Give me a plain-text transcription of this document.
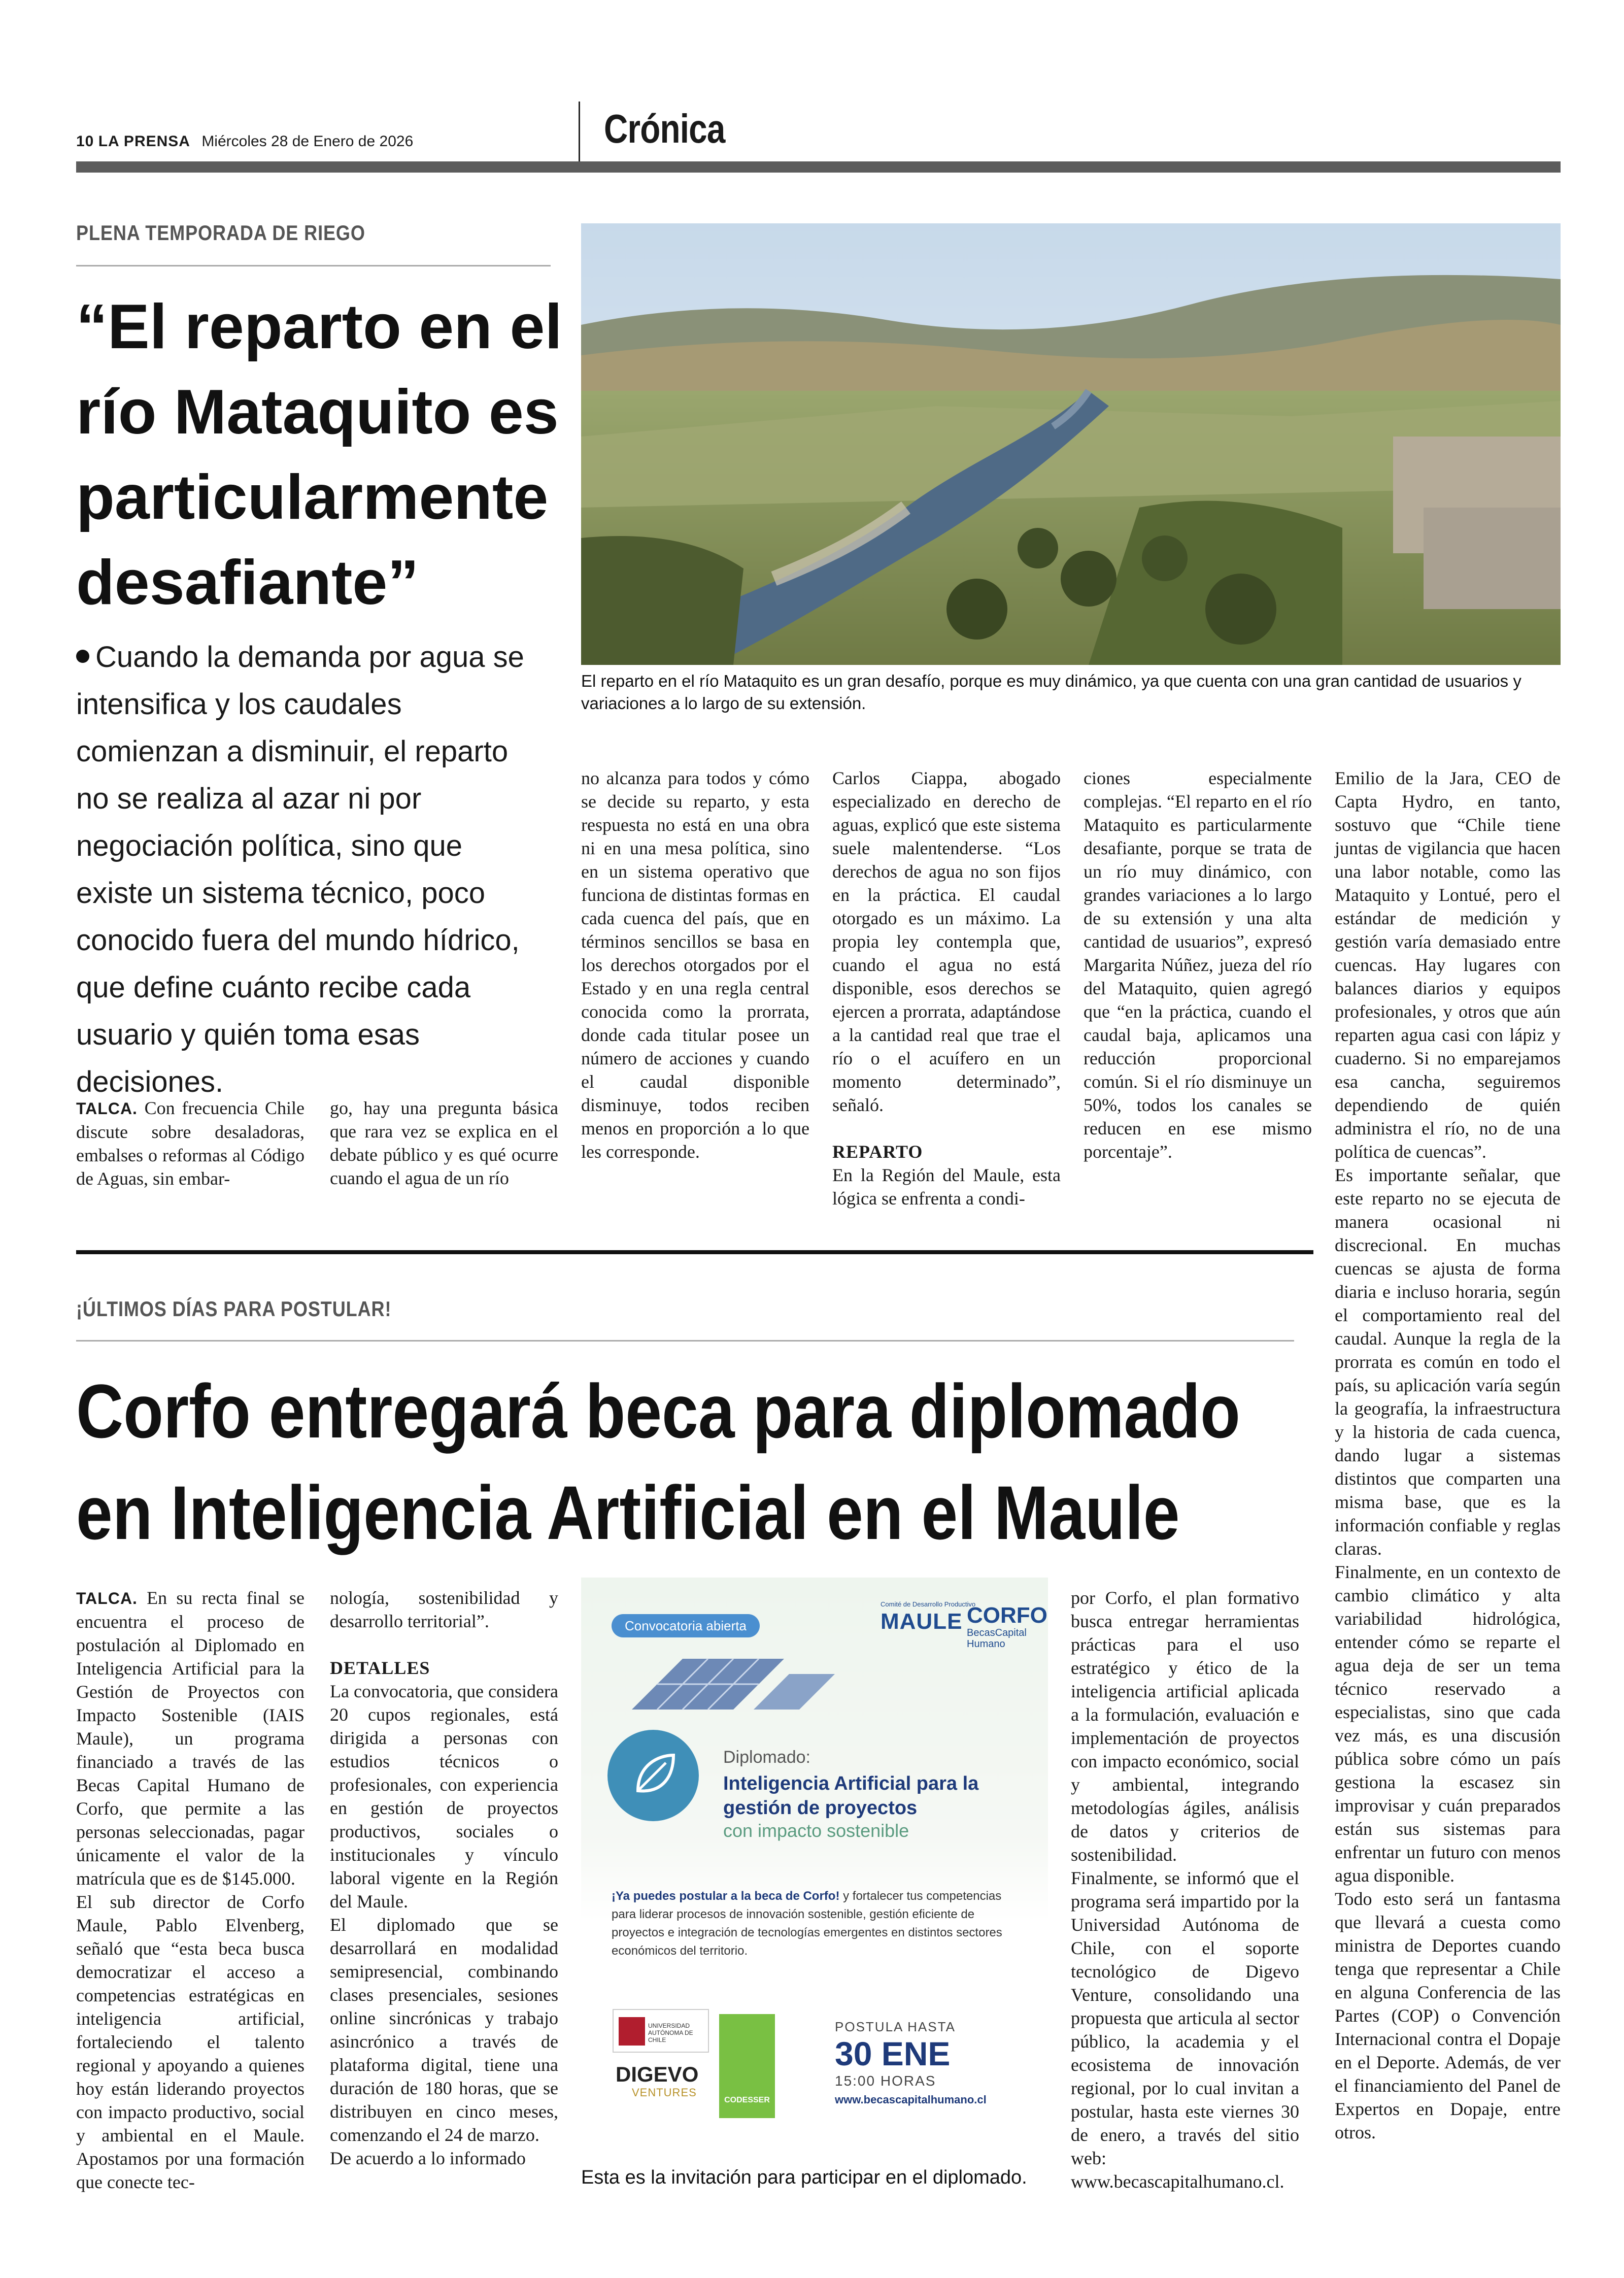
10 LA PRENSA Miércoles 28 de Enero de 2026	Crónica
PLENA TEMPORADA DE RIEGO
“El reparto en el río Mataquito es particularmente desafiante”
Cuando la demanda por agua se intensifica y los caudales comienzan a disminuir, el reparto no se realiza al azar ni por negociación política, sino que existe un sistema técnico, poco conocido fuera del mundo hídrico, que define cuánto recibe cada usuario y quién toma esas decisiones.
El reparto en el río Mataquito es un gran desafío, porque es muy dinámico, ya que cuenta con una gran cantidad de usuarios y variaciones a lo largo de su extensión.

TALCA. Con frecuencia Chile discute sobre desaladoras, embalses o reformas al Código de Aguas, sin embar-

go, hay una pregunta básica que rara vez se explica en el debate público y es qué ocurre cuando el agua de un río

no alcanza para todos y cómo se decide su reparto, y esta respuesta no está en una obra ni en una mesa política, sino en un sistema operativo que funciona de distintas formas en cada cuenca del país, que en términos sencillos se basa en los derechos otorgados por el Estado y en una regla central conocida como la prorrata, donde cada titular posee un número de acciones y cuando el caudal disponible disminuye, todos reciben menos en proporción a lo que les corresponde.

Carlos Ciappa, abogado especializado en derecho de aguas, explicó que este sistema suele malentenderse. “Los derechos de agua no son fijos en la práctica. El caudal otorgado es un máximo. La propia ley contempla que, cuando el agua no está disponible, esos derechos se ejercen a prorrata, adaptándose a la cantidad real que trae el río o el acuífero en un momento determinado”, señaló.

REPARTO

En la Región del Maule, esta lógica se enfrenta a condi-

ciones especialmente complejas. “El reparto en el río Mataquito es particularmente desafiante, porque se trata de un río muy dinámico, con grandes variaciones a lo largo de su extensión y una alta cantidad de usuarios”, expresó Margarita Núñez, jueza del río del Mataquito, quien agregó que “en la práctica, cuando el caudal baja, aplicamos una reducción proporcional común. Si el río disminuye un 50%, todos los canales se reducen en ese mismo porcentaje”.

Emilio de la Jara, CEO de Capta Hydro, en tanto, sostuvo que “Chile tiene juntas de vigilancia que hacen una labor notable, como las Mataquito y Lontué, pero el estándar de medición y gestión varía demasiado entre cuencas. Hay lugares con balances diarios y equipos profesionales, y otros que aún reparten agua casi con lápiz y cuaderno. Si no emparejamos esa cancha, seguiremos dependiendo de quién administra el río, no de una política de cuencas”.

Es importante señalar, que este reparto no se ejecuta de manera ocasional ni discrecional. En muchas cuencas se ajusta de forma diaria e incluso horaria, según el comportamiento real del caudal. Aunque la regla de la prorrata es común en todo el país, su aplicación varía según la geografía, la infraestructura y la historia de cada cuenca, dando lugar a sistemas distintos que comparten una misma base, que es la información confiable y reglas claras.

Finalmente, en un contexto de cambio climático y alta variabilidad hidrológica, entender cómo se reparte el agua deja de ser un tema técnico reservado a especialistas, sino que cada vez más, es una discusión pública sobre cómo un país gestiona la escasez sin improvisar y cuán preparados están sus sistemas para enfrentar un futuro con menos agua disponible.

Todo esto será un fantasma que llevará a cuesta como ministra de Deportes cuando tenga que representar a Chile en alguna Conferencia de las Partes (COP) o Convención Internacional contra el Dopaje en el Deporte. Además, de ver el financiamiento del Panel de Expertos en Dopaje, entre otros.

¡ÚLTIMOS DÍAS PARA POSTULAR!
Corfo entregará beca para diplomado
en Inteligencia Artificial en el Maule

TALCA. En su recta final se encuentra el proceso de postulación al Diplomado en Inteligencia Artificial para la Gestión de Proyectos con Impacto Sostenible (IAIS Maule), un programa financiado a través de las Becas Capital Humano de Corfo, que permite a las personas seleccionadas, pagar únicamente el valor de la matrícula que es de $145.000.

El sub director de Corfo Maule, Pablo Elvenberg, señaló que “esta beca busca democratizar el acceso a competencias estratégicas en inteligencia artificial, fortaleciendo el talento regional y apoyando a quienes hoy están liderando proyectos con impacto productivo, social y ambiental en el Maule. Apostamos por una formación que conecte tec-

nología, sostenibilidad y desarrollo territorial”.

DETALLES

La convocatoria, que considera 20 cupos regionales, está dirigida a personas con estudios técnicos o profesionales, con experiencia en gestión de proyectos productivos, sociales o institucionales y vínculo laboral vigente en la Región del Maule.

El diplomado que se desarrollará en modalidad semipresencial, combinando clases presenciales, sesiones online sincrónicas y trabajo asincrónico a través de plataforma digital, tiene una duración de 180 horas, que se distribuyen en cinco meses, comenzando el 24 de marzo.

De acuerdo a lo informado

Convocatoria abierta
Comité de Desarrollo Productivo
MAULE CORFO
BecasCapital Humano
Diplomado:
Inteligencia Artificial para la gestión de proyectos
con impacto sostenible
¡Ya puedes postular a la beca de Corfo! y fortalecer tus competencias para liderar procesos de innovación sostenible, gestión eficiente de proyectos e integración de tecnologías emergentes en distintos sectores económicos del territorio.
UNIVERSIDAD AUTÓNOMA DE CHILE
DIGEVO
VENTURES
CODESSER
POSTULA HASTA
30 ENE
15:00 HORAS
www.becascapitalhumano.cl
Esta es la invitación para participar en el diplomado.

por Corfo, el plan formativo busca entregar herramientas prácticas para el uso estratégico y ético de la inteligencia artificial aplicada a la formulación, evaluación e implementación de proyectos con impacto económico, social y ambiental, integrando metodologías ágiles, análisis de datos y criterios de sostenibilidad.

Finalmente, se informó que el programa será impartido por la Universidad Autónoma de Chile, con el soporte tecnológico de Digevo Venture, consolidando una propuesta que articula al sector público, la academia y el ecosistema de innovación regional, por lo cual invitan a postular, hasta este viernes 30 de enero, a través del sitio web: www.becascapitalhumano.cl.
